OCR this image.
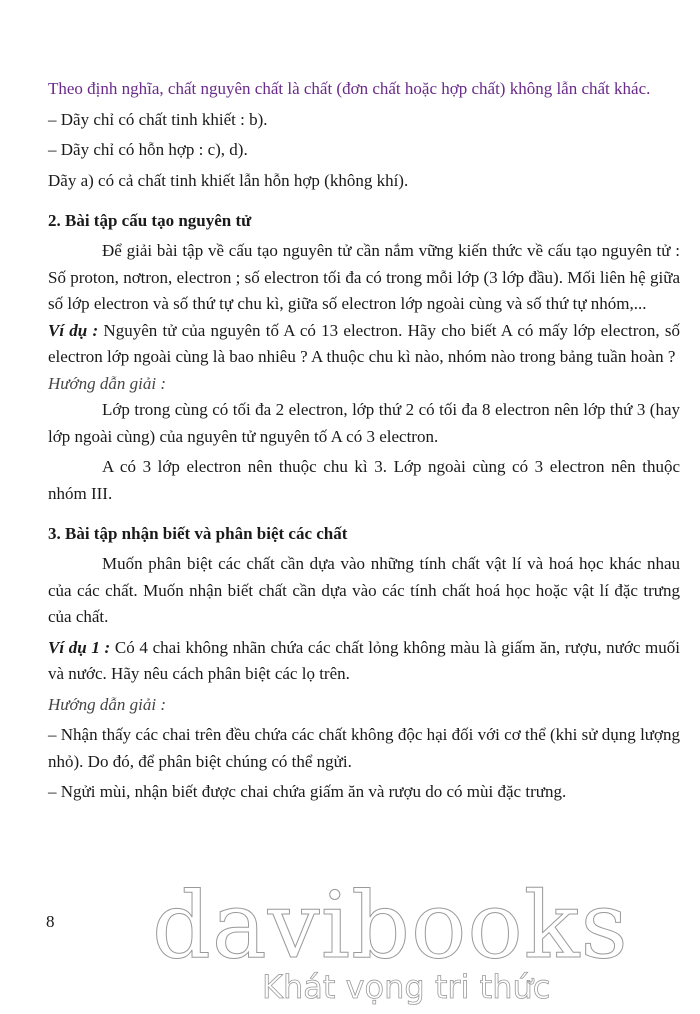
Theo định nghĩa, chất nguyên chất là chất (đơn chất hoặc hợp chất) không lẫn chất khác.

– Dãy chỉ có chất tinh khiết : b).

– Dãy chỉ có hỗn hợp : c), d).

Dãy a) có cả chất tinh khiết lẫn hỗn hợp (không khí).

2. Bài tập cấu tạo nguyên tử

Để giải bài tập về cấu tạo nguyên tử cần nắm vững kiến thức về cấu tạo nguyên tử : Số proton, nơtron, electron ; số electron tối đa có trong mỗi lớp (3 lớp đầu). Mối liên hệ giữa số lớp electron và số thứ tự chu kì, giữa số electron lớp ngoài cùng và số thứ tự nhóm,...

Ví dụ : Nguyên tử của nguyên tố A có 13 electron. Hãy cho biết A có mấy lớp electron, số electron lớp ngoài cùng là bao nhiêu ? A thuộc chu kì nào, nhóm nào trong bảng tuần hoàn ?

Hướng dẫn giải :

Lớp trong cùng có tối đa 2 electron, lớp thứ 2 có tối đa 8 electron nên lớp thứ 3 (hay lớp ngoài cùng) của nguyên tử nguyên tố A có 3 electron.

A có 3 lớp electron nên thuộc chu kì 3. Lớp ngoài cùng có 3 electron nên thuộc nhóm III.

3. Bài tập nhận biết và phân biệt các chất

Muốn phân biệt các chất cần dựa vào những tính chất vật lí và hoá học khác nhau của các chất. Muốn nhận biết chất cần dựa vào các tính chất hoá học hoặc vật lí đặc trưng của chất.

Ví dụ 1 : Có 4 chai không nhãn chứa các chất lỏng không màu là giấm ăn, rượu, nước muối và nước. Hãy nêu cách phân biệt các lọ trên.

Hướng dẫn giải :

– Nhận thấy các chai trên đều chứa các chất không độc hại đối với cơ thể (khi sử dụng lượng nhỏ). Do đó, để phân biệt chúng có thể ngửi.

– Ngửi mùi, nhận biết được chai chứa giấm ăn và rượu do có mùi đặc trưng.

8 davibooks
Khát vọng tri thức
